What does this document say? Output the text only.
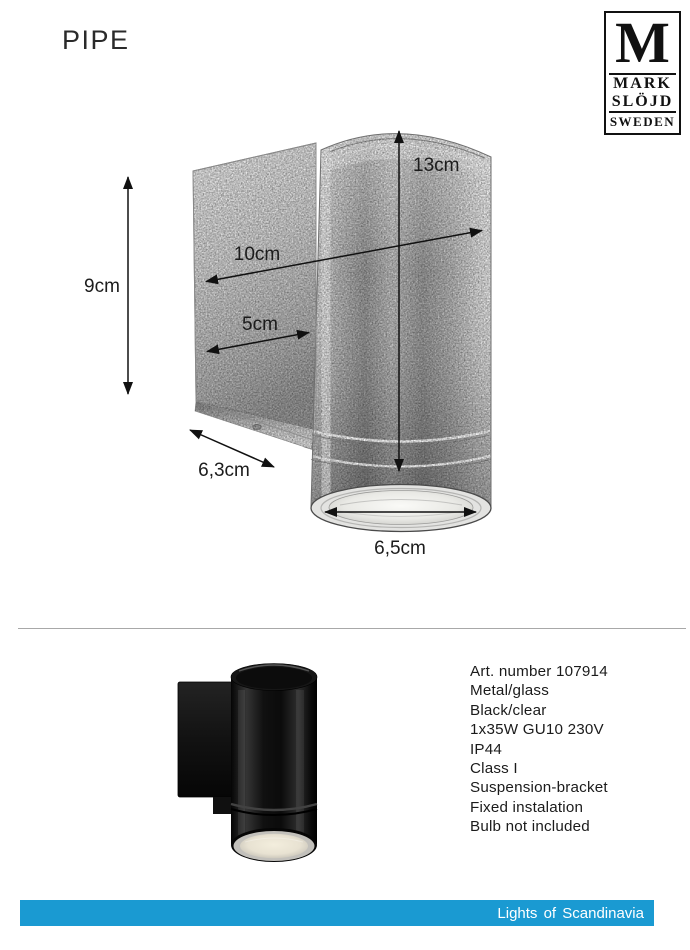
PIPE	M
MARK
SLÖJD
SWEDEN
13cm
10cm
9cm
5cm
6,3cm
6,5cm
Art. number 107914
Metal/glass
Black/clear
1x35W GU10 230V
IP44
Class I
Suspension-bracket
Fixed instalation
Bulb not included
Lights of Scandinavia
